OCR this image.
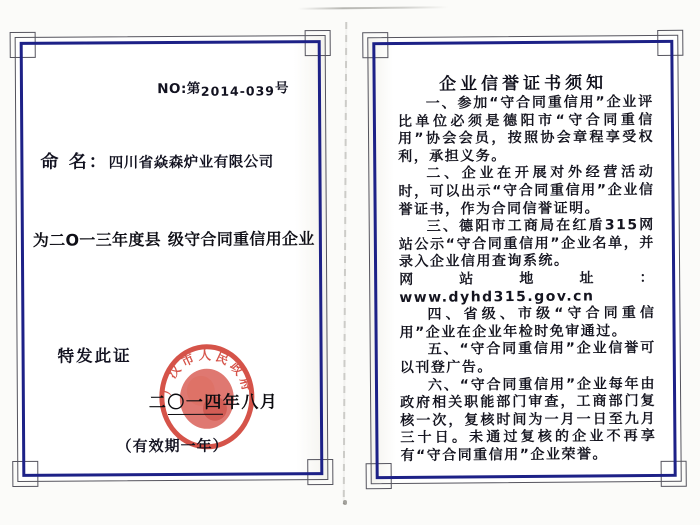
NO:第2014-039号
命 名：四川省焱森炉业有限公司
为二O一三年度县 级守合同重信用企业
特发此证
广汉市人民政府
二〇一四年八月
（有效期一年）
企业信誉证书须知

一、参加“守合同重信用”企业评比单位必须是德阳市“守合同重信用”协会会员，按照协会章程享受权利，承担义务。

二、企业在开展对外经营活动时，可以出示“守合同重信用”企业信誉证书，作为合同信誉证明。

三、德阳市工商局在红盾315网站公示“守合同重信用”企业名单，并录入企业信用查询系统。

网站地址：www.dyhd315.gov.cn

四、省级、市级“守合同重信用”企业在企业年检时免审通过。

五、“守合同重信用”企业信誉可以刊登广告。

六、“守合同重信用”企业每年由政府相关职能部门审查，工商部门复核一次，复核时间为一月一日至九月三十日。未通过复核的企业不再享有“守合同重信用”企业荣誉。
